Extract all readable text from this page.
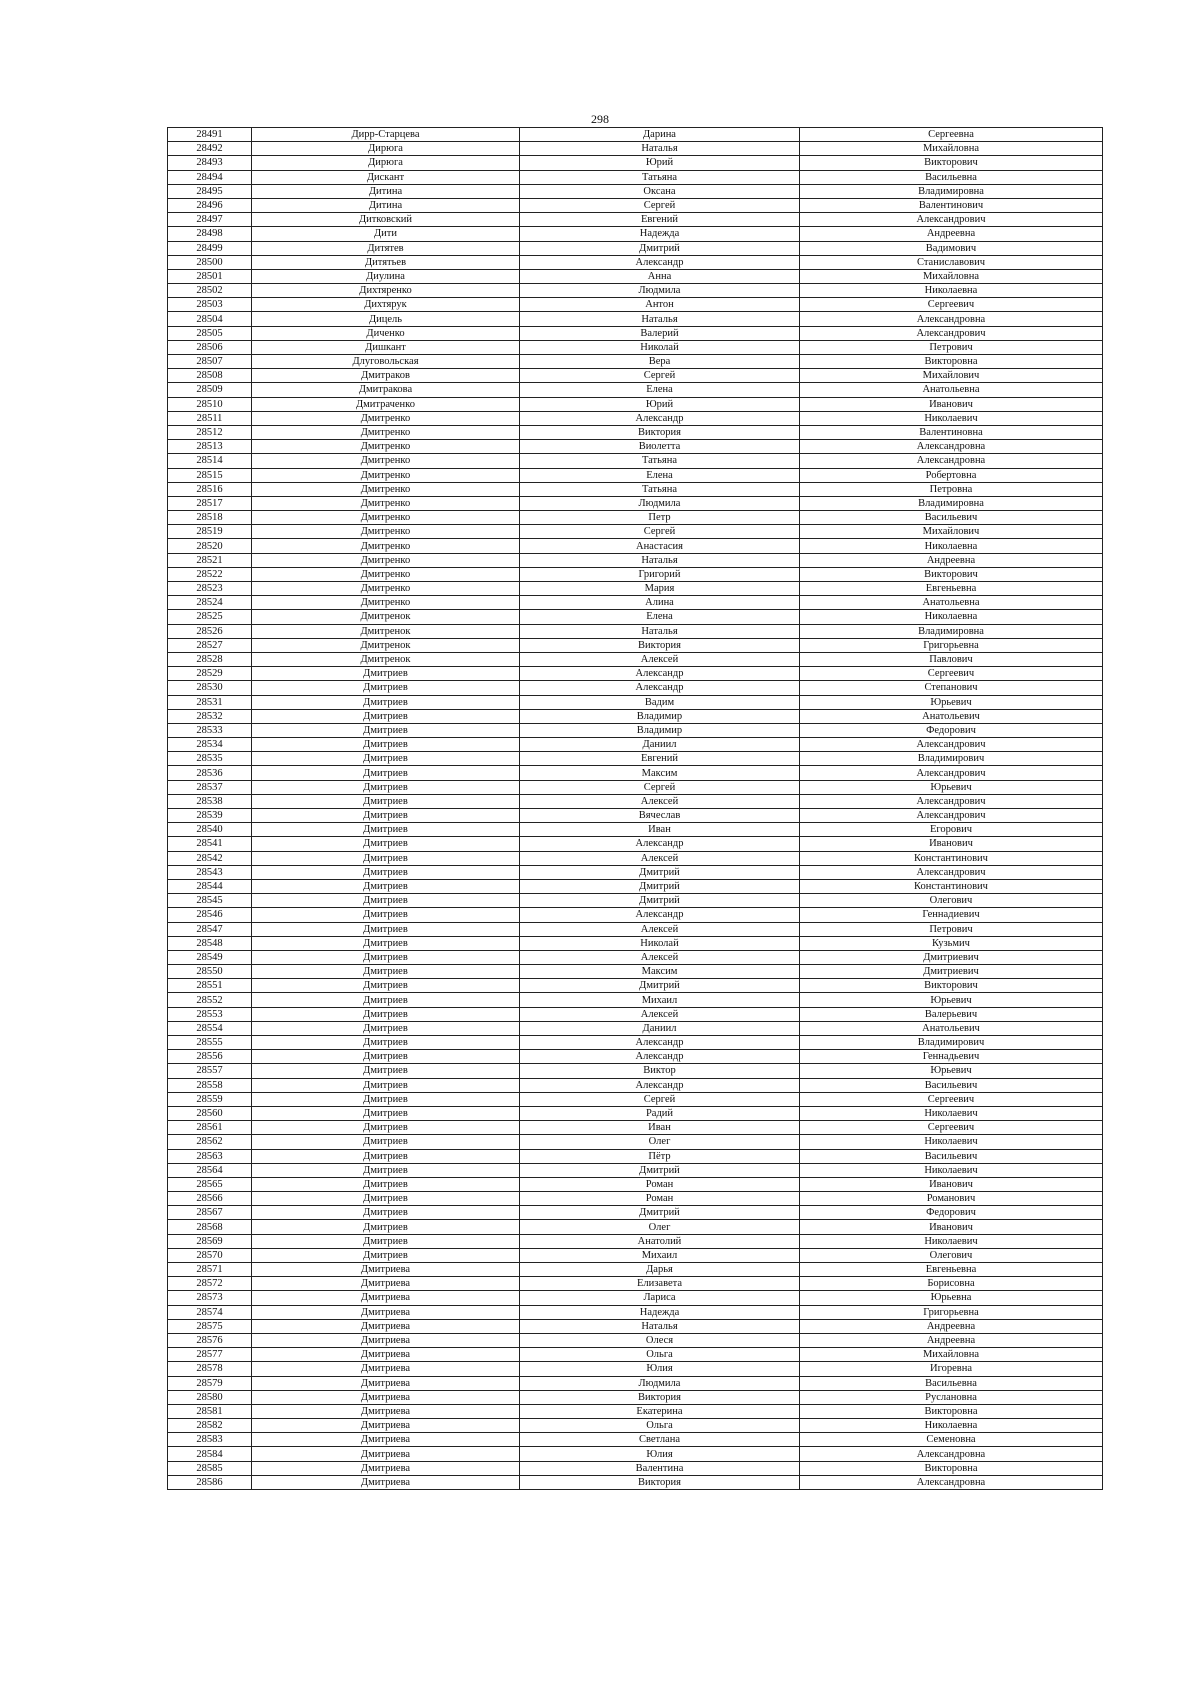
298
28491	Дирр-Старцева	Дарина	Сергеевна
28492	Дирюга	Наталья	Михайловна
28493	Дирюга	Юрий	Викторович
28494	Дискант	Татьяна	Васильевна
28495	Дитина	Оксана	Владимировна
28496	Дитина	Сергей	Валентинович
28497	Дитковский	Евгений	Александрович
28498	Дити	Надежда	Андреевна
28499	Дитятев	Дмитрий	Вадимович
28500	Дитятьев	Александр	Станиславович
28501	Диулина	Анна	Михайловна
28502	Дихтяренко	Людмила	Николаевна
28503	Дихтярук	Антон	Сергеевич
28504	Дицель	Наталья	Александровна
28505	Диченко	Валерий	Александрович
28506	Дишкант	Николай	Петрович
28507	Длуговольская	Вера	Викторовна
28508	Дмитраков	Сергей	Михайлович
28509	Дмитракова	Елена	Анатольевна
28510	Дмитраченко	Юрий	Иванович
28511	Дмитренко	Александр	Николаевич
28512	Дмитренко	Виктория	Валентиновна
28513	Дмитренко	Виолетта	Александровна
28514	Дмитренко	Татьяна	Александровна
28515	Дмитренко	Елена	Робертовна
28516	Дмитренко	Татьяна	Петровна
28517	Дмитренко	Людмила	Владимировна
28518	Дмитренко	Петр	Васильевич
28519	Дмитренко	Сергей	Михайлович
28520	Дмитренко	Анастасия	Николаевна
28521	Дмитренко	Наталья	Андреевна
28522	Дмитренко	Григорий	Викторович
28523	Дмитренко	Мария	Евгеньевна
28524	Дмитренко	Алина	Анатольевна
28525	Дмитренок	Елена	Николаевна
28526	Дмитренок	Наталья	Владимировна
28527	Дмитренок	Виктория	Григорьевна
28528	Дмитренок	Алексей	Павлович
28529	Дмитриев	Александр	Сергеевич
28530	Дмитриев	Александр	Степанович
28531	Дмитриев	Вадим	Юрьевич
28532	Дмитриев	Владимир	Анатольевич
28533	Дмитриев	Владимир	Федорович
28534	Дмитриев	Даниил	Александрович
28535	Дмитриев	Евгений	Владимирович
28536	Дмитриев	Максим	Александрович
28537	Дмитриев	Сергей	Юрьевич
28538	Дмитриев	Алексей	Александрович
28539	Дмитриев	Вячеслав	Александрович
28540	Дмитриев	Иван	Егорович
28541	Дмитриев	Александр	Иванович
28542	Дмитриев	Алексей	Константинович
28543	Дмитриев	Дмитрий	Александрович
28544	Дмитриев	Дмитрий	Константинович
28545	Дмитриев	Дмитрий	Олегович
28546	Дмитриев	Александр	Геннадиевич
28547	Дмитриев	Алексей	Петрович
28548	Дмитриев	Николай	Кузьмич
28549	Дмитриев	Алексей	Дмитриевич
28550	Дмитриев	Максим	Дмитриевич
28551	Дмитриев	Дмитрий	Викторович
28552	Дмитриев	Михаил	Юрьевич
28553	Дмитриев	Алексей	Валерьевич
28554	Дмитриев	Даниил	Анатольевич
28555	Дмитриев	Александр	Владимирович
28556	Дмитриев	Александр	Геннадьевич
28557	Дмитриев	Виктор	Юрьевич
28558	Дмитриев	Александр	Васильевич
28559	Дмитриев	Сергей	Сергеевич
28560	Дмитриев	Радий	Николаевич
28561	Дмитриев	Иван	Сергеевич
28562	Дмитриев	Олег	Николаевич
28563	Дмитриев	Пётр	Васильевич
28564	Дмитриев	Дмитрий	Николаевич
28565	Дмитриев	Роман	Иванович
28566	Дмитриев	Роман	Романович
28567	Дмитриев	Дмитрий	Федорович
28568	Дмитриев	Олег	Иванович
28569	Дмитриев	Анатолий	Николаевич
28570	Дмитриев	Михаил	Олегович
28571	Дмитриева	Дарья	Евгеньевна
28572	Дмитриева	Елизавета	Борисовна
28573	Дмитриева	Лариса	Юрьевна
28574	Дмитриева	Надежда	Григорьевна
28575	Дмитриева	Наталья	Андреевна
28576	Дмитриева	Олеся	Андреевна
28577	Дмитриева	Ольга	Михайловна
28578	Дмитриева	Юлия	Игоревна
28579	Дмитриева	Людмила	Васильевна
28580	Дмитриева	Виктория	Руслановна
28581	Дмитриева	Екатерина	Викторовна
28582	Дмитриева	Ольга	Николаевна
28583	Дмитриева	Светлана	Семеновна
28584	Дмитриева	Юлия	Александровна
28585	Дмитриева	Валентина	Викторовна
28586	Дмитриева	Виктория	Александровна
